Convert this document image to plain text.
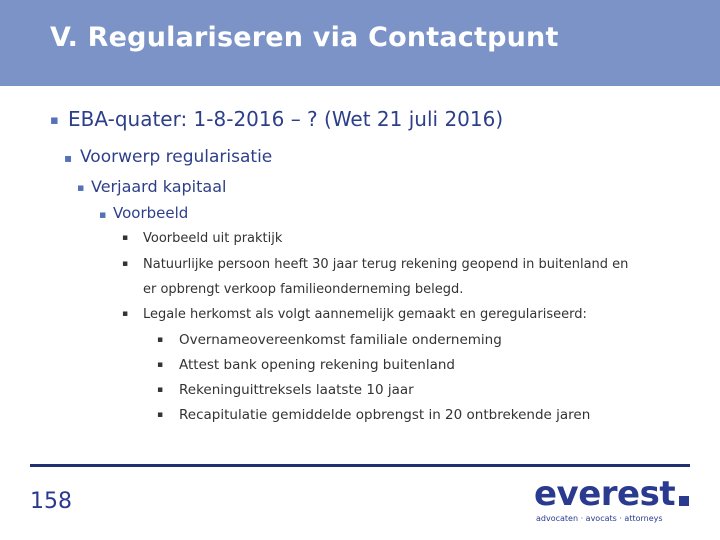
V. Regulariseren via Contactpunt
▪ EBA-quater: 1-8-2016 – ? (Wet 21 juli 2016)
▪ Voorwerp regularisatie
▪ Verjaard kapitaal
▪ Voorbeeld
▪ Voorbeeld uit praktijk
▪ Natuurlijke persoon heeft 30 jaar terug rekening geopend in buitenland en
er opbrengt verkoop familieonderneming belegd.
▪ Legale herkomst als volgt aannemelijk gemaakt en geregulariseerd:
▪ Overnameovereenkomst familiale onderneming
▪ Attest bank opening rekening buitenland
▪ Rekeninguittreksels laatste 10 jaar
▪ Recapitulatie gemiddelde opbrengst in 20 ontbrekende jaren
158	everest
advocaten · avocats · attorneys
